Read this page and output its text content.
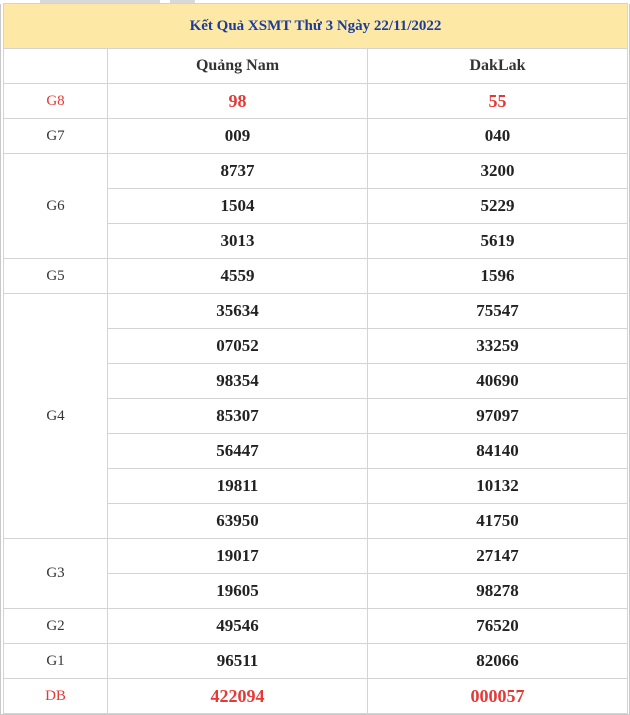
Kết Quả XSMT Thứ 3 Ngày 22/11/2022		
	Quảng Nam	DakLak
G8	98	55
G7	009	040
G6	8737	3200
	1504	5229
	3013	5619
G5	4559	1596
G4	35634	75547
	07052	33259
	98354	40690
	85307	97097
	56447	84140
	19811	10132
	63950	41750
G3	19017	27147
	19605	98278
G2	49546	76520
G1	96511	82066
DB	422094	000057
